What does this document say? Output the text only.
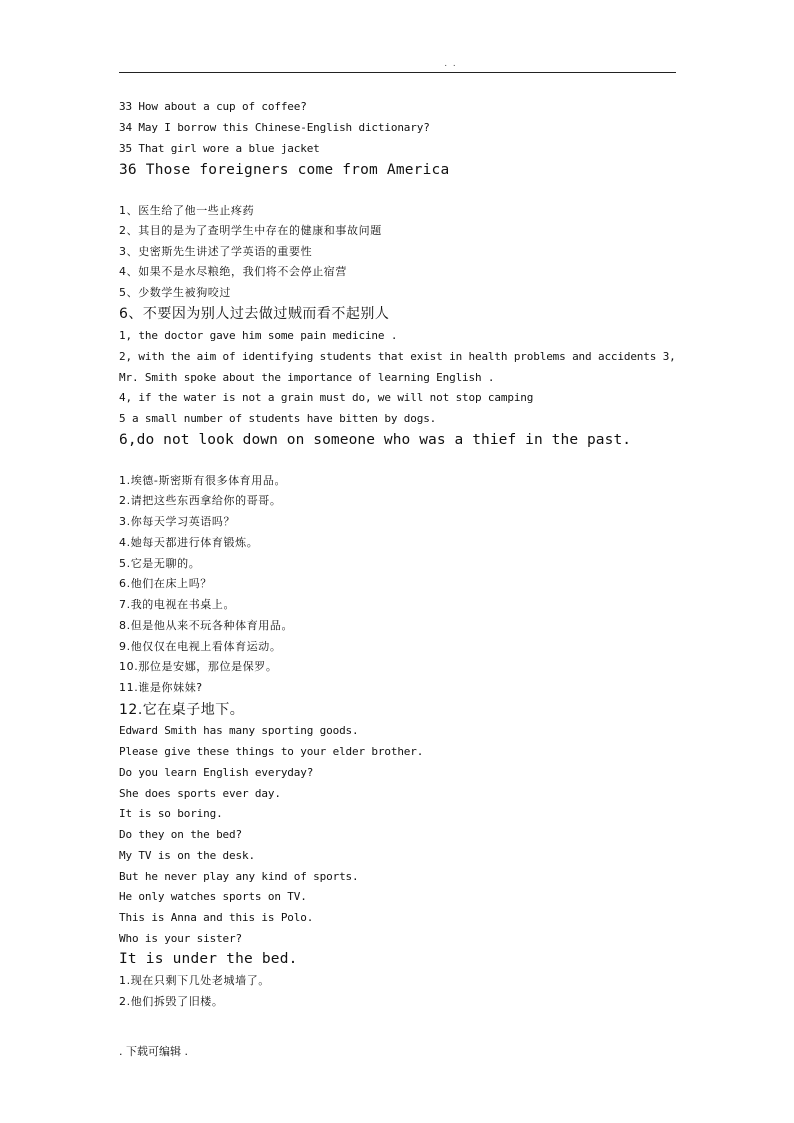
. .
33 How about a cup of coffee?
34 May I borrow this Chinese-English dictionary?
35 That girl wore a blue jacket
36 Those foreigners come from America
1、医生给了他一些止疼药
2、其目的是为了查明学生中存在的健康和事故问题
3、史密斯先生讲述了学英语的重要性
4、如果不是水尽粮绝，我们将不会停止宿营
5、少数学生被狗咬过
6、不要因为别人过去做过贼而看不起别人
1, the doctor gave him some pain medicine .
2, with the aim of identifying students that exist in health problems and accidents 3,
Mr. Smith spoke about the importance of learning English .
4, if the water is not a grain must do, we will not stop camping
5 a small number of students have bitten by dogs.
6,do not look down on someone who was a thief in the past.
1.埃德-斯密斯有很多体育用品。
2.请把这些东西拿给你的哥哥。
3.你每天学习英语吗？
4.她每天都进行体育锻炼。
5.它是无聊的。
6.他们在床上吗？
7.我的电视在书桌上。
8.但是他从来不玩各种体育用品。
9.他仅仅在电视上看体育运动。
10.那位是安娜，那位是保罗。
11.谁是你妹妹?
12.它在桌子地下。
Edward Smith has many sporting goods.
Please give these things to your elder brother.
Do you learn English everyday?
She does sports ever day.
It is so boring.
Do they on the bed?
My TV is on the desk.
But he never play any kind of sports.
He only watches sports on TV.
This is Anna and this is Polo.
Who is your sister?
It is under the bed.
1.现在只剩下几处老城墙了。
2.他们拆毁了旧楼。
. 下载可编辑 .
